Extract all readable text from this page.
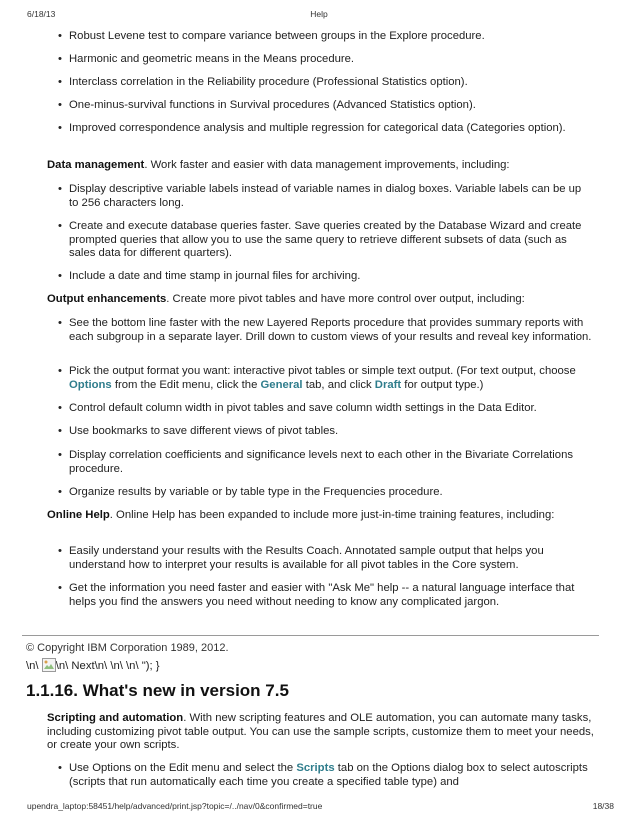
6/18/13	Help
• Robust Levene test to compare variance between groups in the Explore procedure.
• Harmonic and geometric means in the Means procedure.
• Interclass correlation in the Reliability procedure (Professional Statistics option).
• One-minus-survival functions in Survival procedures (Advanced Statistics option).
• Improved correspondence analysis and multiple regression for categorical data (Categories option).
Data management. Work faster and easier with data management improvements, including:
• Display descriptive variable labels instead of variable names in dialog boxes. Variable labels can be up to 256 characters long.
• Create and execute database queries faster. Save queries created by the Database Wizard and create prompted queries that allow you to use the same query to retrieve different subsets of data (such as sales data for different quarters).
• Include a date and time stamp in journal files for archiving.
Output enhancements. Create more pivot tables and have more control over output, including:
• See the bottom line faster with the new Layered Reports procedure that provides summary reports with each subgroup in a separate layer. Drill down to custom views of your results and reveal key information.
• Pick the output format you want: interactive pivot tables or simple text output. (For text output, choose Options from the Edit menu, click the General tab, and click Draft for output type.)
• Control default column width in pivot tables and save column width settings in the Data Editor.
• Use bookmarks to save different views of pivot tables.
• Display correlation coefficients and significance levels next to each other in the Bivariate Correlations procedure.
• Organize results by variable or by table type in the Frequencies procedure.
Online Help. Online Help has been expanded to include more just-in-time training features, including:
• Easily understand your results with the Results Coach. Annotated sample output that helps you understand how to interpret your results is available for all pivot tables in the Core system.
• Get the information you need faster and easier with "Ask Me" help -- a natural language interface that helps you find the answers you need without needing to know any complicated jargon.
© Copyright IBM Corporation 1989, 2012.
\n\
\n\ Next\n\ \n\ \n\ "); }
1.1.16. What's new in version 7.5
Scripting and automation. With new scripting features and OLE automation, you can automate many tasks, including customizing pivot table output. You can use the sample scripts, customize them to meet your needs, or create your own scripts.
• Use Options on the Edit menu and select the Scripts tab on the Options dialog box to select autoscripts (scripts that run automatically each time you create a specified table type) and
upendra_laptop:58451/help/advanced/print.jsp?topic=/../nav/0&confirmed=true	18/38
